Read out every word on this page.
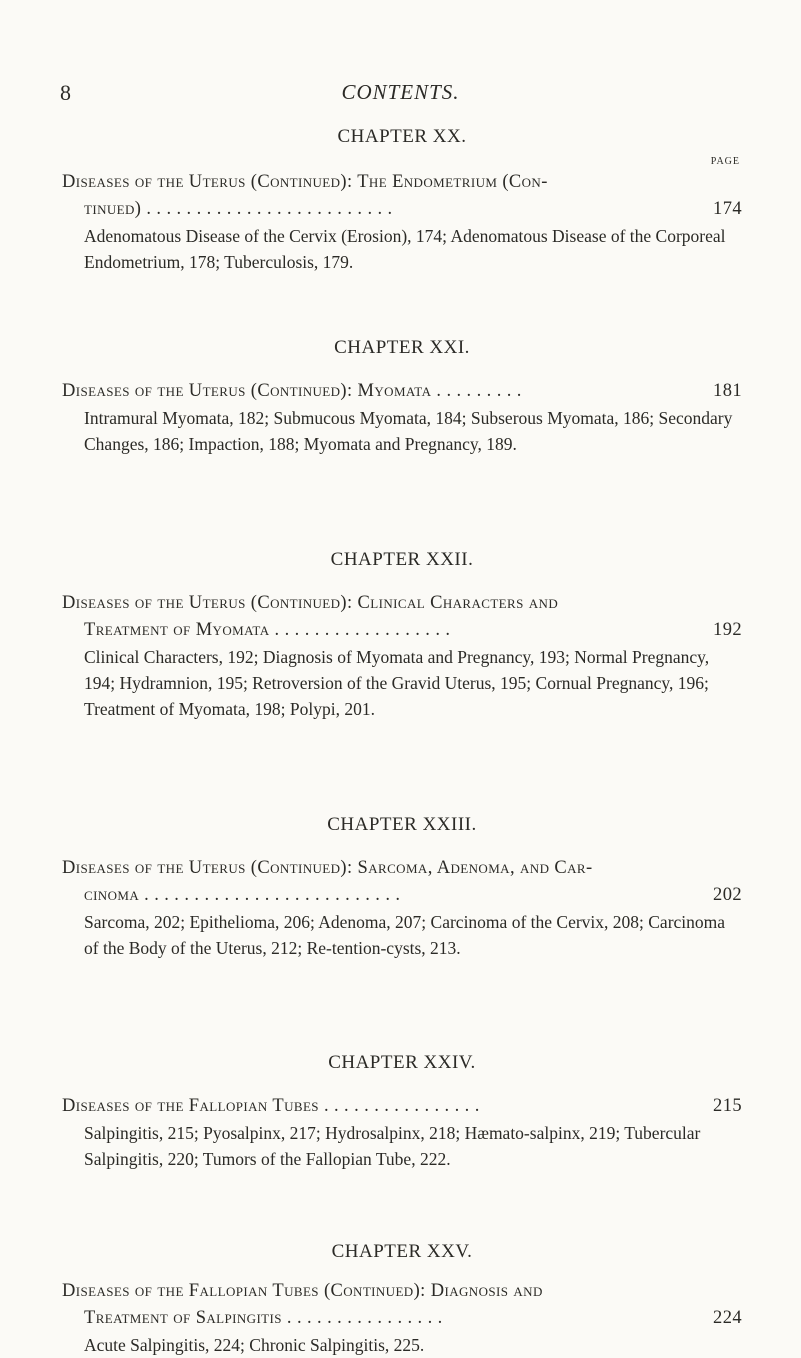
8	CONTENTS.
CHAPTER XX.
PAGE

Diseases of the Uterus (Continued): The Endometrium (Con-
tinued) . . . . . . . . . . . . . . . . . . . . . . . . .	174

Adenomatous Disease of the Cervix (Erosion), 174; Adenomatous Disease of the Corporeal Endometrium, 178; Tuberculosis, 179.

CHAPTER XXI.

Diseases of the Uterus (Continued): Myomata . . . . . . . . .	181

Intramural Myomata, 182; Submucous Myomata, 184; Subserous Myomata, 186; Secondary Changes, 186; Impaction, 188; Myomata and Pregnancy, 189.

CHAPTER XXII.

Diseases of the Uterus (Continued): Clinical Characters and
Treatment of Myomata . . . . . . . . . . . . . . . . . .	192

Clinical Characters, 192; Diagnosis of Myomata and Pregnancy, 193; Normal Pregnancy, 194; Hydramnion, 195; Retroversion of the Gravid Uterus, 195; Cornual Pregnancy, 196; Treatment of Myomata, 198; Polypi, 201.

CHAPTER XXIII.

Diseases of the Uterus (Continued): Sarcoma, Adenoma, and Car-
cinoma . . . . . . . . . . . . . . . . . . . . . . . . . .	202

Sarcoma, 202; Epithelioma, 206; Adenoma, 207; Carcinoma of the Cervix, 208; Carcinoma of the Body of the Uterus, 212; Re-tention-cysts, 213.

CHAPTER XXIV.

Diseases of the Fallopian Tubes . . . . . . . . . . . . . . . .	215

Salpingitis, 215; Pyosalpinx, 217; Hydrosalpinx, 218; Hæmato-salpinx, 219; Tubercular Salpingitis, 220; Tumors of the Fallopian Tube, 222.

CHAPTER XXV.

Diseases of the Fallopian Tubes (Continued): Diagnosis and
Treatment of Salpingitis . . . . . . . . . . . . . . . .	224

Acute Salpingitis, 224; Chronic Salpingitis, 225.
